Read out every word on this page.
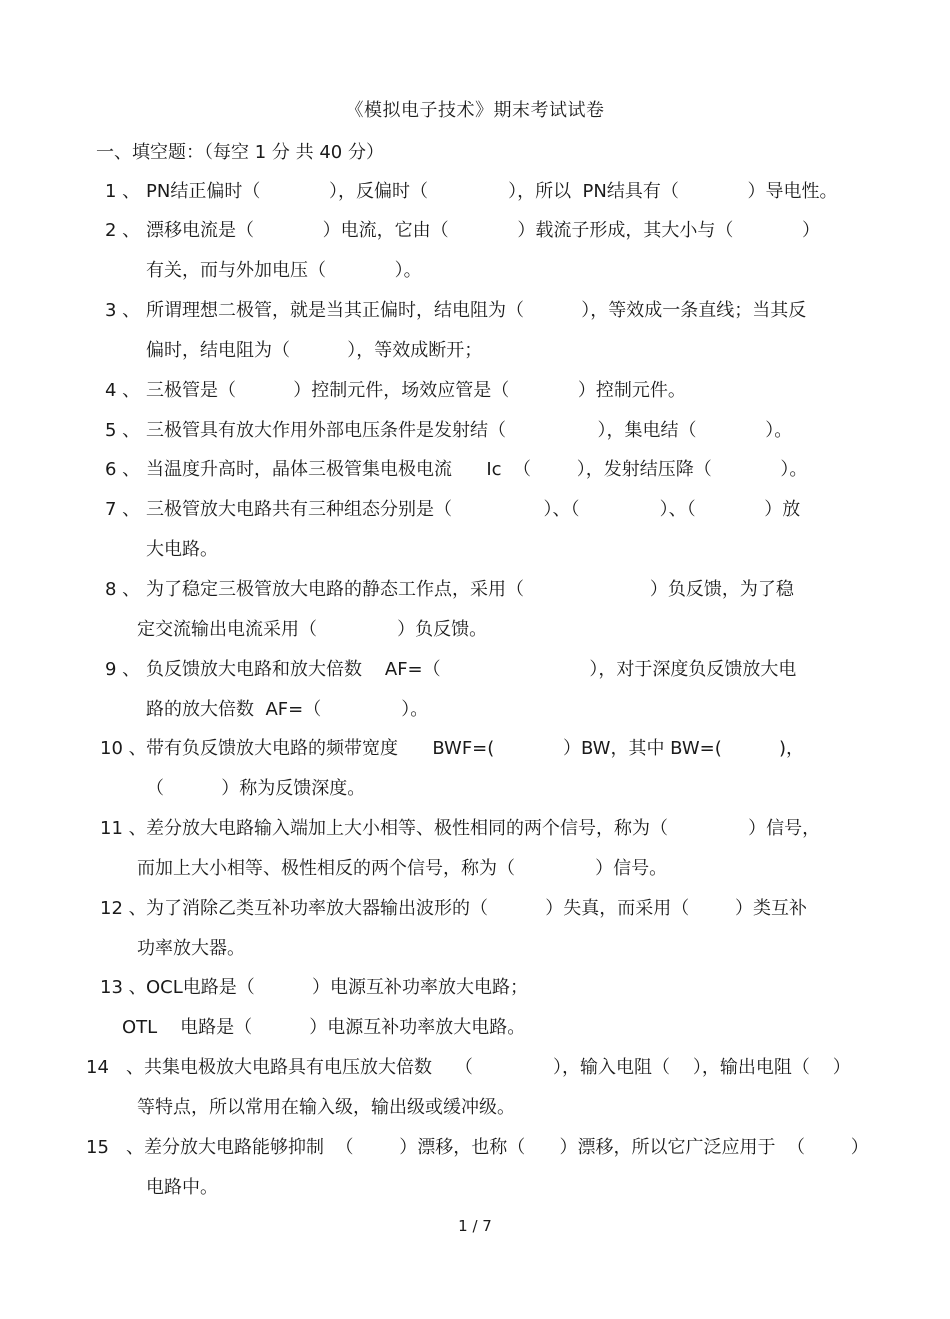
《模拟电子技术》期末考试试卷
一、填空题：（每空 1 分 共 40 分）
1 、 PN结正偏时（            ），反偏时（              ），所以  PN结具有（            ）导电性。
2 、 漂移电流是（            ）电流，它由（            ）载流子形成，其大小与（            ）
有关，而与外加电压（            ）。
3 、 所谓理想二极管，就是当其正偏时，结电阻为（          ），等效成一条直线；当其反
偏时，结电阻为（          ），等效成断开；
4 、 三极管是（          ）控制元件，场效应管是（            ）控制元件。
5 、 三极管具有放大作用外部电压条件是发射结（                ），集电结（            ）。
6 、 当温度升高时，晶体三极管集电极电流      Ic  （        ），发射结压降（            ）。
7 、 三极管放大电路共有三种组态分别是（                ）、（              ）、（            ）放
大电路。
8 、 为了稳定三极管放大电路的静态工作点，采用（                      ）负反馈，为了稳
定交流输出电流采用（              ）负反馈。
9 、 负反馈放大电路和放大倍数    AF=（                          ），对于深度负反馈放大电
路的放大倍数  AF=（              ）。
10 、 带有负反馈放大电路的频带宽度      BWF=(            ）BW，其中 BW=(          )，
（          ）称为反馈深度。
11 、 差分放大电路输入端加上大小相等、极性相同的两个信号，称为（              ）信号，
而加上大小相等、极性相反的两个信号，称为（              ）信号。
12 、 为了消除乙类互补功率放大器输出波形的（          ）失真，而采用（        ）类互补
功率放大器。
13 、 OCL电路是（          ）电源互补功率放大电路；
OTL    电路是（          ）电源互补功率放大电路。
14 、共集电极放大电路具有电压放大倍数    （              ），输入电阻（    ），输出电阻（    ）
等特点，所以常用在输入级，输出级或缓冲级。
15 、差分放大电路能够抑制  （        ）漂移，也称（      ）漂移，所以它广泛应用于  （        ）
电路中。
1 / 7
